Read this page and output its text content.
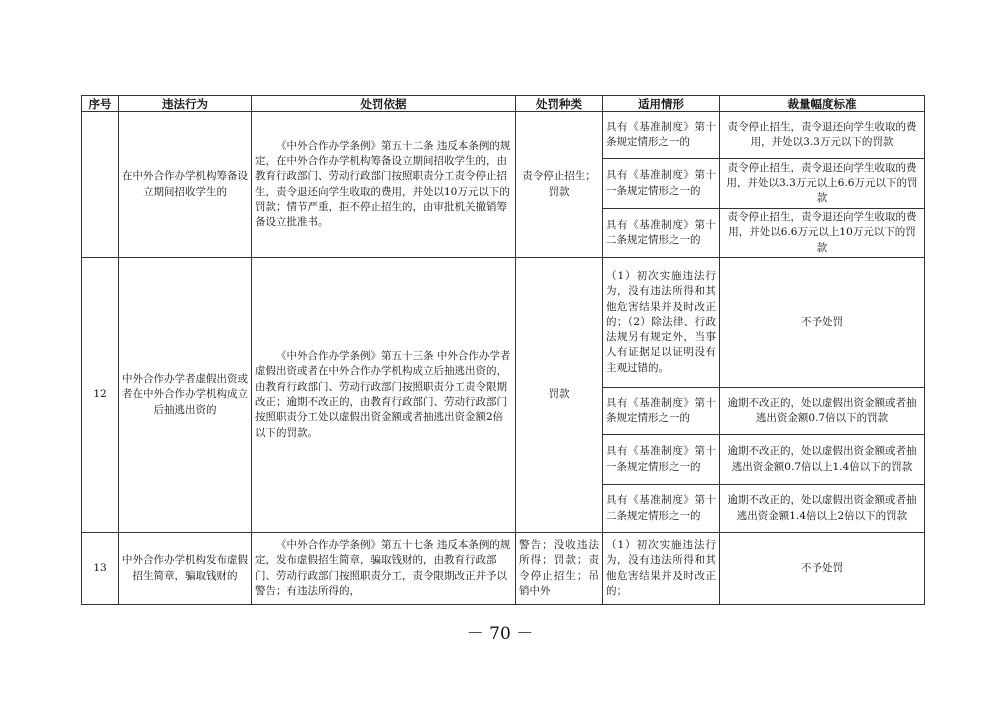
序号	违法行为	处罚依据	处罚种类	适用情形	裁量幅度标准
	在中外合作办学机构筹备设立期间招收学生的	《中外合作办学条例》第五十二条 违反本条例的规定，在中外合作办学机构筹备设立期间招收学生的，由教育行政部门、劳动行政部门按照职责分工责令停止招生，责令退还向学生收取的费用，并处以10万元以下的罚款；情节严重，拒不停止招生的，由审批机关撤销筹备设立批准书。	责令停止招生；罚款	具有《基准制度》第十条规定情形之一的	责令停止招生，责令退还向学生收取的费用，并处以3.3万元以下的罚款
				具有《基准制度》第十一条规定情形之一的	责令停止招生，责令退还向学生收取的费用，并处以3.3万元以上6.6万元以下的罚款
				具有《基准制度》第十二条规定情形之一的	责令停止招生，责令退还向学生收取的费用，并处以6.6万元以上10万元以下的罚款
12	中外合作办学者虚假出资或者在中外合作办学机构成立后抽逃出资的	《中外合作办学条例》第五十三条 中外合作办学者虚假出资或者在中外合作办学机构成立后抽逃出资的，由教育行政部门、劳动行政部门按照职责分工责令限期改正；逾期不改正的，由教育行政部门、劳动行政部门按照职责分工处以虚假出资金额或者抽逃出资金额2倍以下的罚款。	罚款	（1）初次实施违法行为，没有违法所得和其他危害结果并及时改正的；（2）除法律、行政法规另有规定外，当事人有证据足以证明没有主观过错的。	不予处罚
				具有《基准制度》第十条规定情形之一的	逾期不改正的，处以虚假出资金额或者抽逃出资金额0.7倍以下的罚款
				具有《基准制度》第十一条规定情形之一的	逾期不改正的，处以虚假出资金额或者抽逃出资金额0.7倍以上1.4倍以下的罚款
				具有《基准制度》第十二条规定情形之一的	逾期不改正的，处以虚假出资金额或者抽逃出资金额1.4倍以上2倍以下的罚款
13	中外合作办学机构发布虚假招生简章，骗取钱财的	《中外合作办学条例》第五十七条 违反本条例的规定，发布虚假招生简章，骗取钱财的，由教育行政部门、劳动行政部门按照职责分工，责令限期改正并予以警告；有违法所得的，	警告；没收违法所得；罚款；责令停止招生；吊销中外	（1）初次实施违法行为，没有违法所得和其他危害结果并及时改正的；	不予处罚
－ 70 －
